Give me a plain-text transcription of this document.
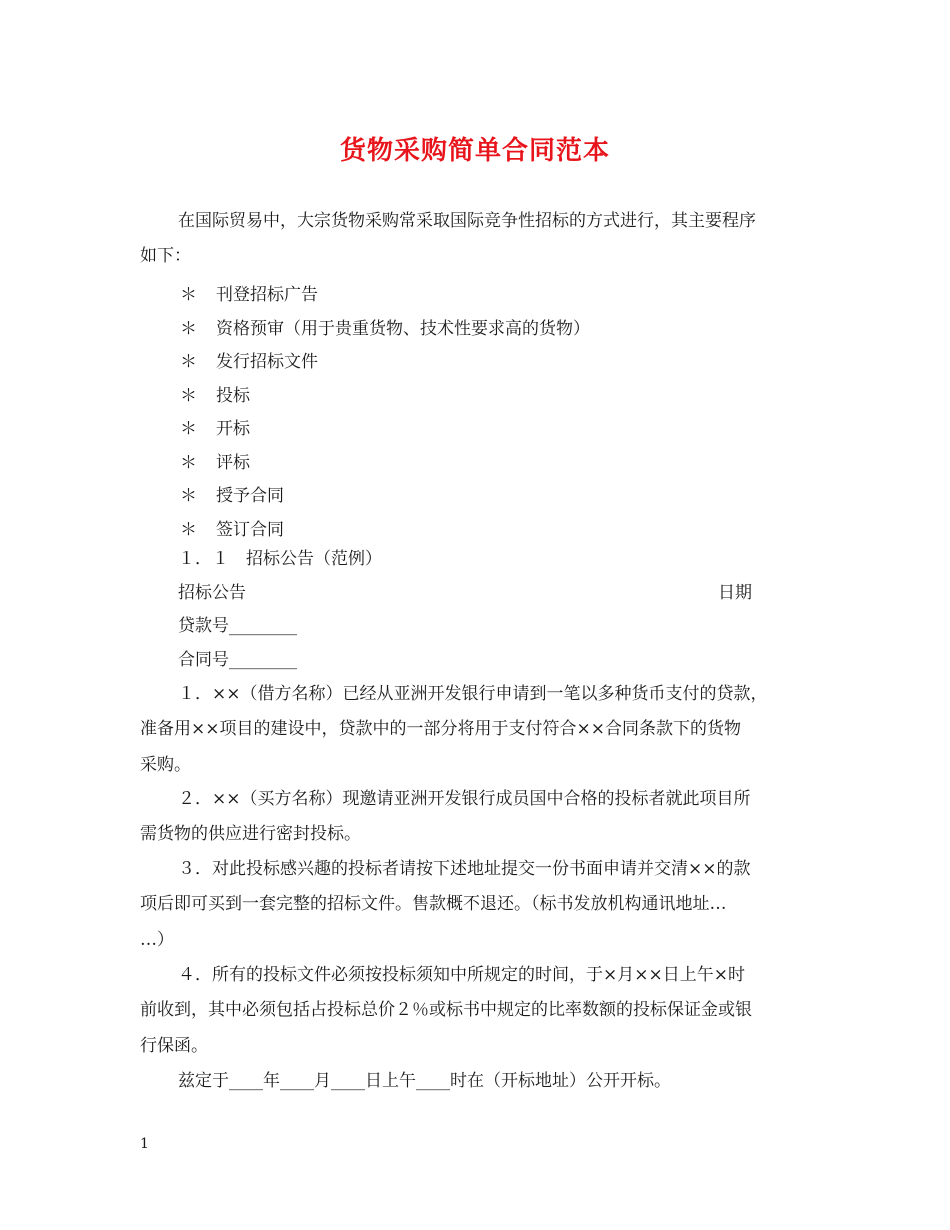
货物采购简单合同范本
在国际贸易中，大宗货物采购常采取国际竞争性招标的方式进行，其主要程序
如下：
＊ 刊登招标广告
＊ 资格预审（用于贵重货物、技术性要求高的货物）
＊ 发行招标文件
＊ 投标
＊ 开标
＊ 评标
＊ 授予合同
＊ 签订合同
１．１　招标公告（范例）
招标公告	日期
贷款号________
合同号________
１．××（借方名称）已经从亚洲开发银行申请到一笔以多种货币支付的贷款，
准备用××项目的建设中，贷款中的一部分将用于支付符合××合同条款下的货物
采购。
２．××（买方名称）现邀请亚洲开发银行成员国中合格的投标者就此项目所
需货物的供应进行密封投标。
３．对此投标感兴趣的投标者请按下述地址提交一份书面申请并交清××的款
项后即可买到一套完整的招标文件。售款概不退还。（标书发放机构通讯地址…
…）
４．所有的投标文件必须按投标须知中所规定的时间，于×月××日上午×时
前收到，其中必须包括占投标总价２％或标书中规定的比率数额的投标保证金或银
行保函。
兹定于____年____月____日上午____时在（开标地址）公开开标。
1
